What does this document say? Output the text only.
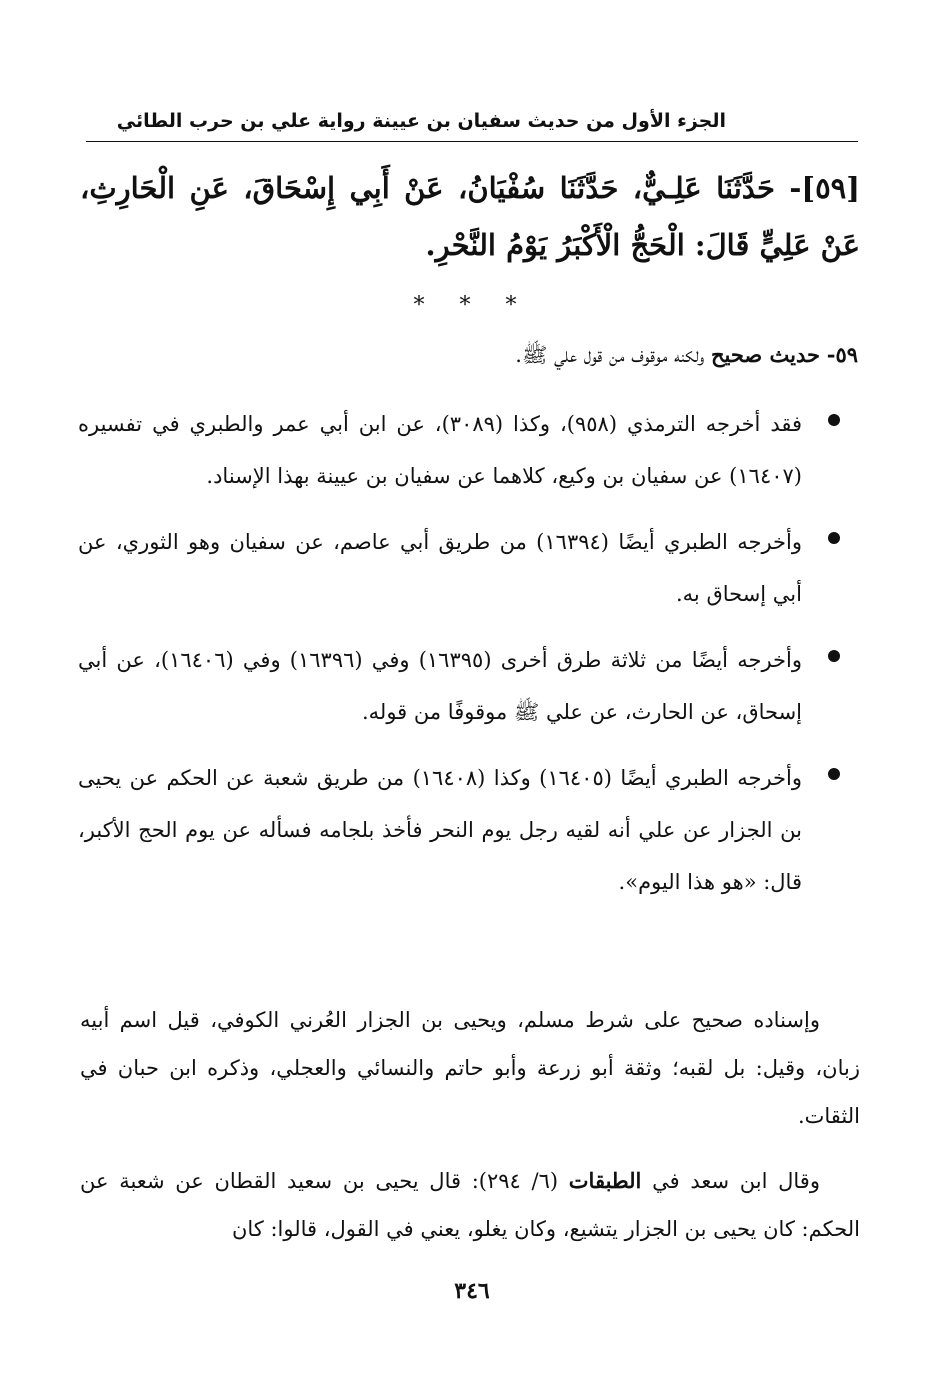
الجزء الأول من حديث سفيان بن عيينة رواية علي بن حرب الطائي
[٥٩]- حَدَّثَنَا عَلِـيٌّ، حَدَّثَنَا سُفْيَانُ، عَنْ أَبِي إِسْحَاقَ، عَنِ الْحَارِثِ، عَنْ عَلِيٍّ قَالَ: الْحَجُّ الْأَكْبَرُ يَوْمُ النَّحْرِ.
* * *
٥٩- حديث صحيح ولكنه موقوف من قول علي ﷺ.
فقد أخرجه الترمذي (٩٥٨)، وكذا (٣٠٨٩)، عن ابن أبي عمر والطبري في تفسيره (١٦٤٠٧) عن سفيان بن وكيع، كلاهما عن سفيان بن عيينة بهذا الإسناد.
وأخرجه الطبري أيضًا (١٦٣٩٤) من طريق أبي عاصم، عن سفيان وهو الثوري، عن أبي إسحاق به.
وأخرجه أيضًا من ثلاثة طرق أخرى (١٦٣٩٥) وفي (١٦٣٩٦) وفي (١٦٤٠٦)، عن أبي إسحاق، عن الحارث، عن علي ﷺ موقوفًا من قوله.
وأخرجه الطبري أيضًا (١٦٤٠٥) وكذا (١٦٤٠٨) من طريق شعبة عن الحكم عن يحيى بن الجزار عن علي أنه لقيه رجل يوم النحر فأخذ بلجامه فسأله عن يوم الحج الأكبر، قال: «هو هذا اليوم».
وإسناده صحيح على شرط مسلم، ويحيى بن الجزار العُرني الكوفي، قيل اسم أبيه زبان، وقيل: بل لقبه؛ وثقة أبو زرعة وأبو حاتم والنسائي والعجلي، وذكره ابن حبان في الثقات.
وقال ابن سعد في الطبقات (٦/ ٢٩٤): قال يحيى بن سعيد القطان عن شعبة عن الحكم: كان يحيى بن الجزار يتشيع، وكان يغلو، يعني في القول، قالوا: كان
٣٤٦
